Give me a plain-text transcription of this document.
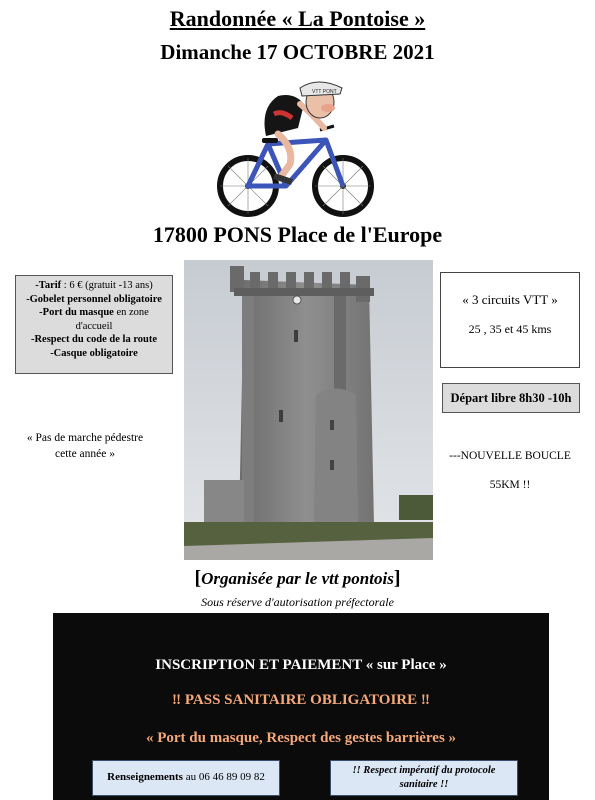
Randonnée « La Pontoise »
Dimanche 17 OCTOBRE 2021
VTT PONT
17800 PONS Place de l'Europe
-Tarif : 6 € (gratuit -13 ans)
-Gobelet personnel obligatoire
-Port du masque en zone d'accueil
-Respect du code de la route
-Casque obligatoire
« 3 circuits VTT »
25 , 35 et 45 kms
Départ libre 8h30 -10h
« Pas de marche pédestre
cette année »	---NOUVELLE BOUCLE
55KM !!
[Organisée par le vtt pontois]
Sous réserve d'autorisation préfectorale
INSCRIPTION ET PAIEMENT « sur Place »
‼ PASS SANITAIRE OBLIGATOIRE ‼
« Port du masque, Respect des gestes barrières »
Renseignements au 06 46 89 09 82
!! Respect impératif du protocole
sanitaire !!
